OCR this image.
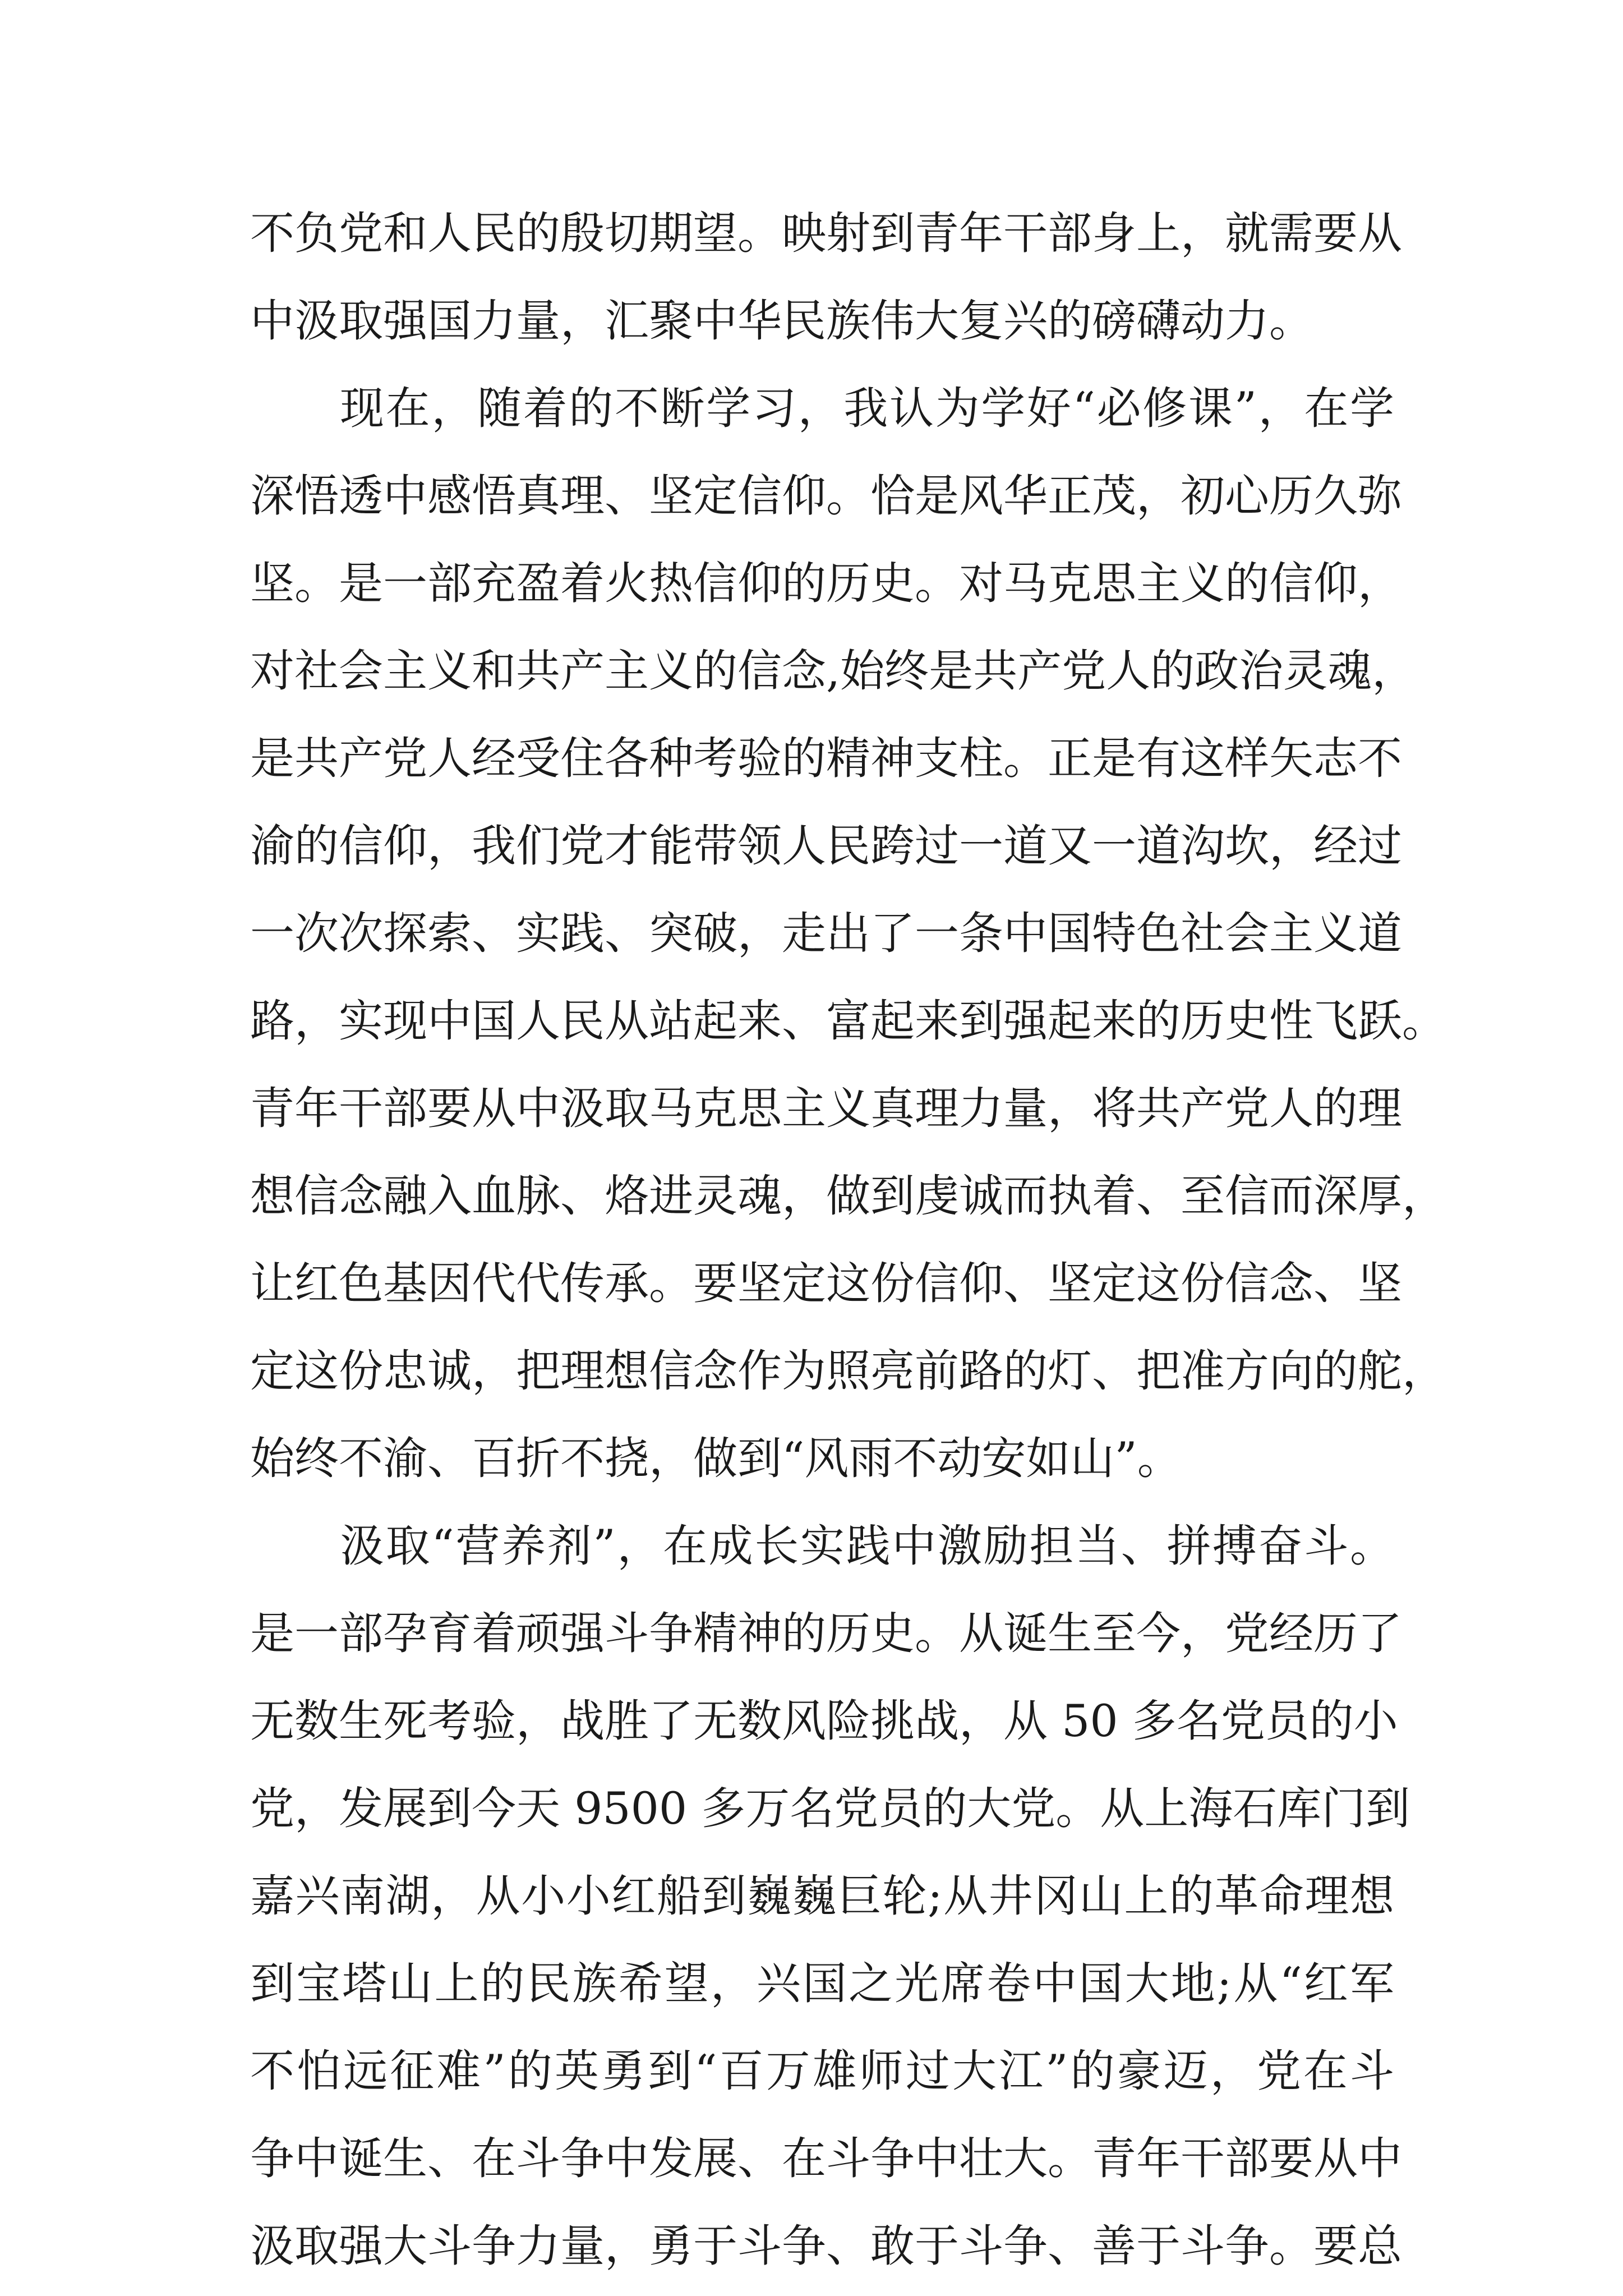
不负党和人民的殷切期望。映射到青年干部身上，就需要从
中汲取强国力量，汇聚中华民族伟大复兴的磅礴动力。
现在，随着的不断学习，我认为学好“必修课”，在学
深悟透中感悟真理、坚定信仰。恰是风华正茂，初心历久弥
坚。是一部充盈着火热信仰的历史。对马克思主义的信仰，
对社会主义和共产主义的信念,始终是共产党人的政治灵魂，
是共产党人经受住各种考验的精神支柱。正是有这样矢志不
渝的信仰，我们党才能带领人民跨过一道又一道沟坎，经过
一次次探索、实践、突破，走出了一条中国特色社会主义道
路，实现中国人民从站起来、富起来到强起来的历史性飞跃。
青年干部要从中汲取马克思主义真理力量，将共产党人的理
想信念融入血脉、烙进灵魂，做到虔诚而执着、至信而深厚，
让红色基因代代传承。要坚定这份信仰、坚定这份信念、坚
定这份忠诚，把理想信念作为照亮前路的灯、把准方向的舵，
始终不渝、百折不挠，做到“风雨不动安如山”。
汲取“营养剂”，在成长实践中激励担当、拼搏奋斗。
是一部孕育着顽强斗争精神的历史。从诞生至今，党经历了
无数生死考验，战胜了无数风险挑战，从 50 多名党员的小
党，发展到今天 9500 多万名党员的大党。从上海石库门到
嘉兴南湖，从小小红船到巍巍巨轮;从井冈山上的革命理想
到宝塔山上的民族希望，兴国之光席卷中国大地;从“红军
不怕远征难”的英勇到“百万雄师过大江”的豪迈，党在斗
争中诞生、在斗争中发展、在斗争中壮大。青年干部要从中
汲取强大斗争力量，勇于斗争、敢于斗争、善于斗争。要总
